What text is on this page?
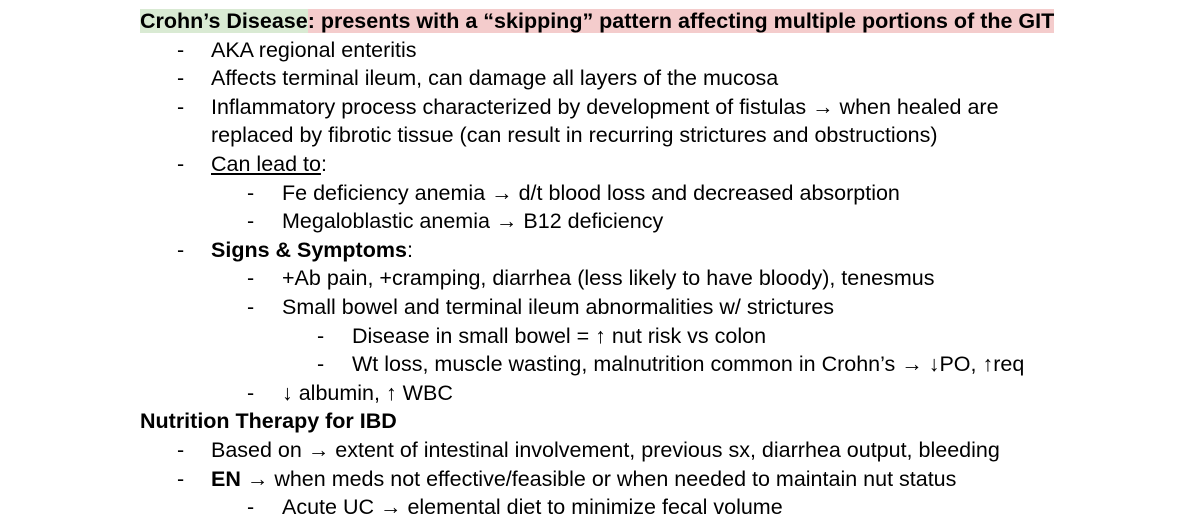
Crohn’s Disease: presents with a “skipping” pattern affecting multiple portions of the GIT
- AKA regional enteritis
- Affects terminal ileum, can damage all layers of the mucosa
- Inflammatory process characterized by development of fistulas → when healed are
replaced by fibrotic tissue (can result in recurring strictures and obstructions)
- Can lead to:
- Fe deficiency anemia → d/t blood loss and decreased absorption
- Megaloblastic anemia → B12 deficiency
- Signs & Symptoms:
- +Ab pain, +cramping, diarrhea (less likely to have bloody), tenesmus
- Small bowel and terminal ileum abnormalities w/ strictures
- Disease in small bowel = ↑ nut risk vs colon
- Wt loss, muscle wasting, malnutrition common in Crohn’s → ↓PO, ↑req
- ↓ albumin, ↑ WBC
Nutrition Therapy for IBD
- Based on → extent of intestinal involvement, previous sx, diarrhea output, bleeding
- EN → when meds not effective/feasible or when needed to maintain nut status
- Acute UC → elemental diet to minimize fecal volume
